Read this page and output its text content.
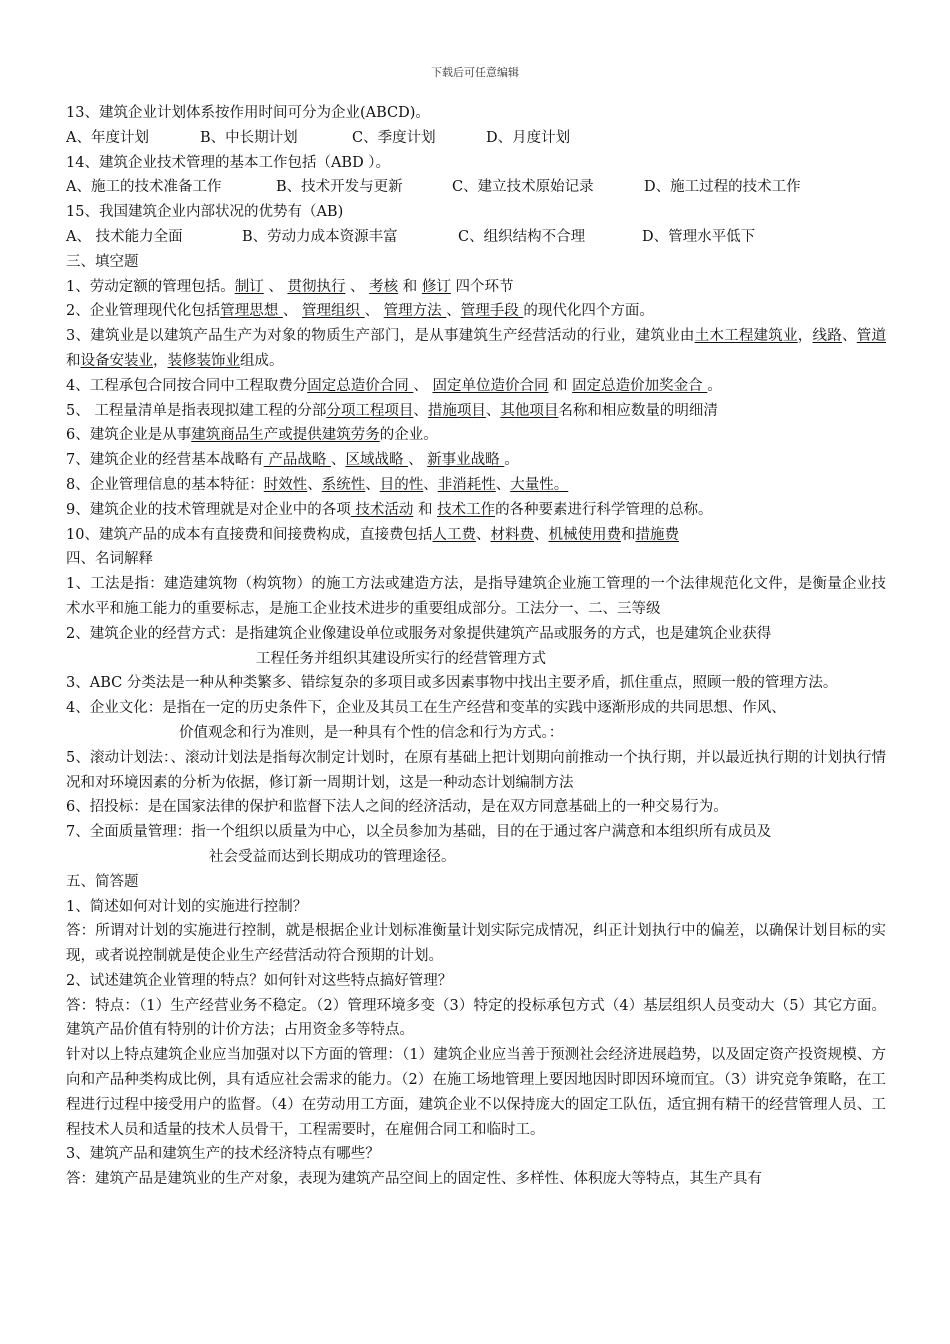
下载后可任意编辑
13、建筑企业计划体系按作用时间可分为企业(ABCD)。
A、年度计划	B、中长期计划	C、季度计划	D、月度计划
14、建筑企业技术管理的基本工作包括（ABD ）。
A、施工的技术准备工作	B、技术开发与更新	C、建立技术原始记录	D、施工过程的技术工作
15、我国建筑企业内部状况的优势有（AB)
A、 技术能力全面	B、劳动力成本资源丰富	C、组织结构不合理	D、管理水平低下
三、填空题
1、劳动定额的管理包括。制订 、 贯彻执行 、 考核 和 修订 四个环节
2、企业管理现代化包括管理思想 、 管理组织 、 管理方法 、管理手段 的现代化四个方面。
3、建筑业是以建筑产品生产为对象的物质生产部门，是从事建筑生产经营活动的行业，建筑业由土木工程建筑业，线路、管道和设备安装业，装修装饰业组成。
4、工程承包合同按合同中工程取费分固定总造价合同 、 固定单位造价合同 和 固定总造价加奖金合 。
5、 工程量清单是指表现拟建工程的分部分项工程项目、措施项目、其他项目名称和相应数量的明细清
6、建筑企业是从事建筑商品生产或提供建筑劳务的企业。
7、建筑企业的经营基本战略有 产品战略 、区域战略 、 新事业战略 。
8、企业管理信息的基本特征：时效性、系统性、目的性、非消耗性、大量性。
9、建筑企业的技术管理就是对企业中的各项 技术活动 和 技术工作的各种要素进行科学管理的总称。
10、建筑产品的成本有直接费和间接费构成，直接费包括人工费、材料费、机械使用费和措施费
四、名词解释
1、工法是指：建造建筑物（构筑物）的施工方法或建造方法，是指导建筑企业施工管理的一个法律规范化文件，是衡量企业技术水平和施工能力的重要标志，是施工企业技术进步的重要组成部分。工法分一、二、三等级
2、建筑企业的经营方式：是指建筑企业像建设单位或服务对象提供建筑产品或服务的方式，也是建筑企业获得
工程任务并组织其建设所实行的经营管理方式
3、ABC 分类法是一种从种类繁多、错综复杂的多项目或多因素事物中找出主要矛盾，抓住重点，照顾一般的管理方法。
4、企业文化：是指在一定的历史条件下，企业及其员工在生产经营和变革的实践中逐渐形成的共同思想、作风、
价值观念和行为准则，是一种具有个性的信念和行为方式。：
5、滚动计划法：、滚动计划法是指每次制定计划时，在原有基础上把计划期向前推动一个执行期，并以最近执行期的计划执行情况和对环境因素的分析为依据，修订新一周期计划，这是一种动态计划编制方法
6、招投标：是在国家法律的保护和监督下法人之间的经济活动，是在双方同意基础上的一种交易行为。
7、全面质量管理：指一个组织以质量为中心，以全员参加为基础，目的在于通过客户满意和本组织所有成员及
社会受益而达到长期成功的管理途径。
五、简答题
1、简述如何对计划的实施进行控制？
答：所谓对计划的实施进行控制，就是根据企业计划标准衡量计划实际完成情况，纠正计划执行中的偏差，以确保计划目标的实现，或者说控制就是使企业生产经营活动符合预期的计划。
2、试述建筑企业管理的特点？如何针对这些特点搞好管理？
答：特点：（1）生产经营业务不稳定。（2）管理环境多变（3）特定的投标承包方式（4）基层组织人员变动大（5）其它方面。建筑产品价值有特别的计价方法；占用资金多等特点。
针对以上特点建筑企业应当加强对以下方面的管理：（1）建筑企业应当善于预测社会经济进展趋势，以及固定资产投资规模、方向和产品种类构成比例，具有适应社会需求的能力。（2）在施工场地管理上要因地因时即因环境而宜。（3）讲究竞争策略，在工程进行过程中接受用户的监督。（4）在劳动用工方面，建筑企业不以保持庞大的固定工队伍，适宜拥有精干的经营管理人员、工程技术人员和适量的技术人员骨干，工程需要时，在雇佣合同工和临时工。
3、建筑产品和建筑生产的技术经济特点有哪些？
答：建筑产品是建筑业的生产对象，表现为建筑产品空间上的固定性、多样性、体积庞大等特点，其生产具有
